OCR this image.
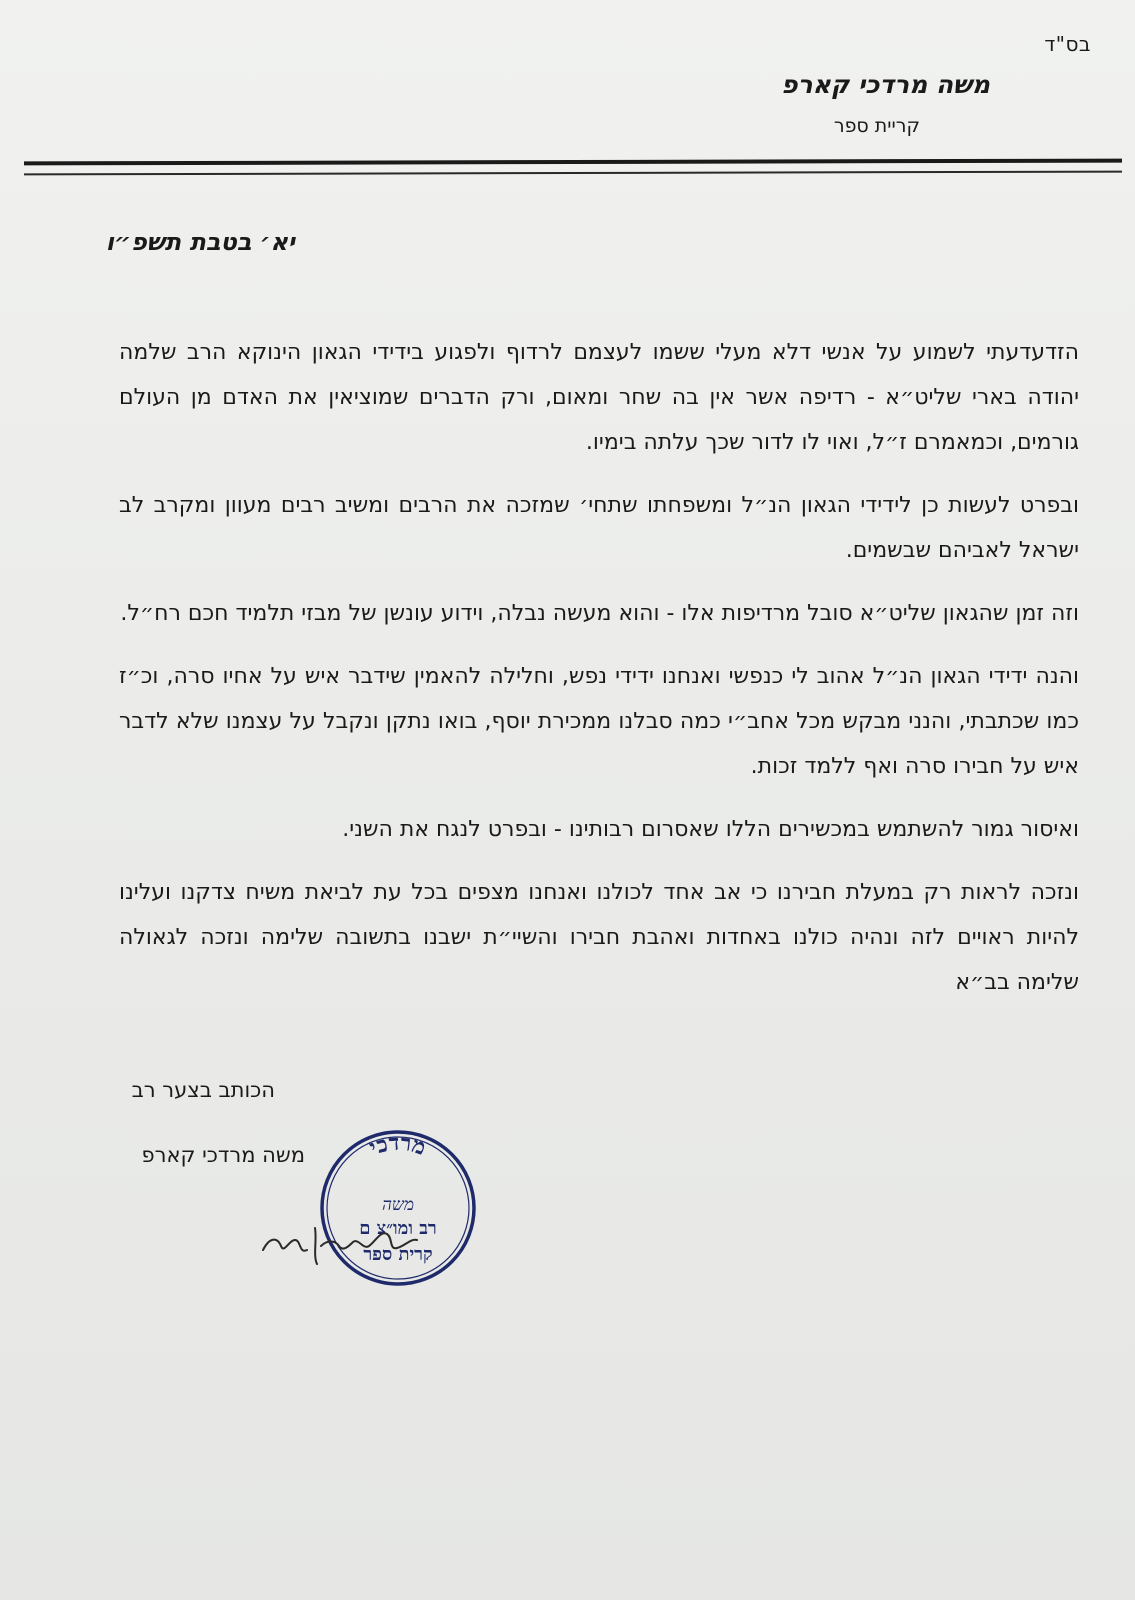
בס"ד
משה מרדכי קארפ
קריית ספר
יא׳ בטבת תשפ״ו

הזדעדעתי לשמוע על אנשי דלא מעלי ששמו לעצמם לרדוף ולפגוע בידידי הגאון הינוקא הרב שלמה יהודה בארי שליט״א - רדיפה אשר אין בה שחר ומאום, ורק הדברים שמוציאין את האדם מן העולם גורמים, וכמאמרם ז״ל, ואוי לו לדור שכך עלתה בימיו.

ובפרט לעשות כן לידידי הגאון הנ״ל ומשפחתו שתחי׳ שמזכה את הרבים ומשיב רבים מעוון ומקרב לב ישראל לאביהם שבשמים.

וזה זמן שהגאון שליט״א סובל מרדיפות אלו - והוא מעשה נבלה, וידוע עונשן של מבזי תלמיד חכם רח״ל.

והנה ידידי הגאון הנ״ל אהוב לי כנפשי ואנחנו ידידי נפש, וחלילה להאמין שידבר איש על אחיו סרה, וכ״ז כמו שכתבתי, והנני מבקש מכל אחב״י כמה סבלנו ממכירת יוסף, בואו נתקן ונקבל על עצמנו שלא לדבר איש על חבירו סרה ואף ללמד זכות.

ואיסור גמור להשתמש במכשירים הללו שאסרום רבותינו - ובפרט לנגח את השני.

ונזכה לראות רק במעלת חבירנו כי אב אחד לכולנו ואנחנו מצפים בכל עת לביאת משיח צדקנו ועלינו להיות ראויים לזה ונהיה כולנו באחדות ואהבת חבירו והשיי״ת ישבנו בתשובה שלימה ונזכה לגאולה שלימה בב״א

הכותב בצער רב
משה מרדכי קארפ	מרדכי
משה
רב ומו״צ ם
קרית ספר
